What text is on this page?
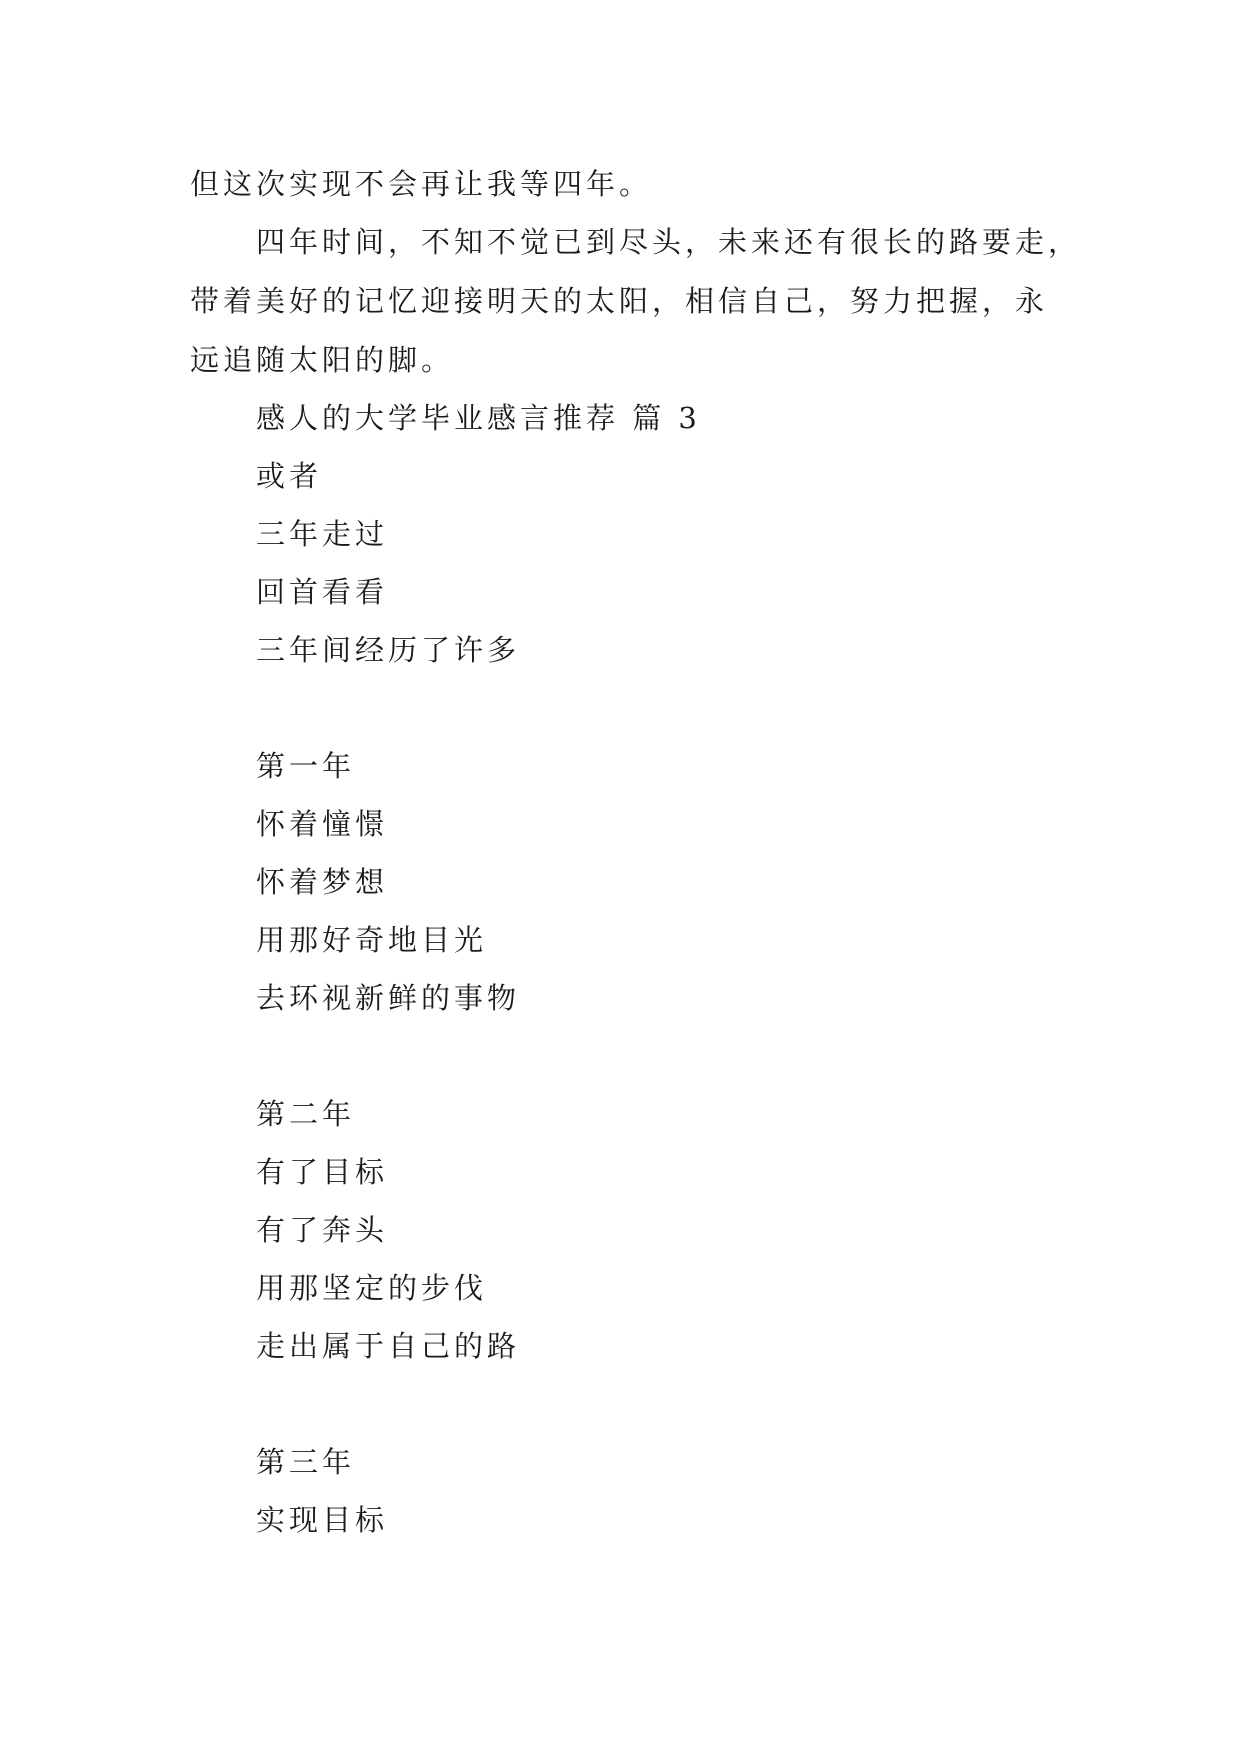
但这次实现不会再让我等四年。
四年时间，不知不觉已到尽头，未来还有很长的路要走，
带着美好的记忆迎接明天的太阳，相信自己，努力把握，永
远追随太阳的脚。
感人的大学毕业感言推荐 篇 3
或者
三年走过
回首看看
三年间经历了许多
第一年
怀着憧憬
怀着梦想
用那好奇地目光
去环视新鲜的事物
第二年
有了目标
有了奔头
用那坚定的步伐
走出属于自己的路
第三年
实现目标
